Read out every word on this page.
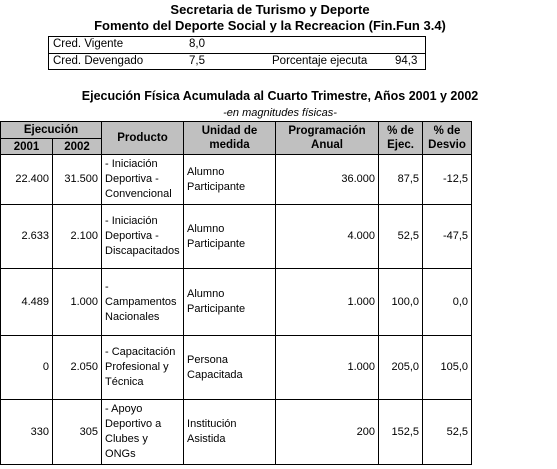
Secretaria de Turismo y Deporte
Fomento del Deporte Social y la Recreacion (Fin.Fun 3.4)
Cred. Vigente	8,0
Cred. Devengado	7,5	Porcentaje ejecuta 94,3
Ejecución Física Acumulada al Cuarto Trimestre, Años 2001 y 2002
-en magnitudes físicas-
Ejecución		Producto	Unidad de medida	Programación Anual	% de Ejec.	% de Desvio
2001	2002					
22.400	31.500	- Iniciación Deportiva - Convencional	Alumno Participante	36.000	87,5	-12,5
2.633	2.100	- Iniciación Deportiva - Discapacitados	Alumno Participante	4.000	52,5	-47,5
4.489	1.000	- Campamentos Nacionales	Alumno Participante	1.000	100,0	0,0
0	2.050	- Capacitación Profesional y Técnica	Persona Capacitada	1.000	205,0	105,0
330	305	- Apoyo Deportivo a Clubes y ONGs	Institución Asistida	200	152,5	52,5
